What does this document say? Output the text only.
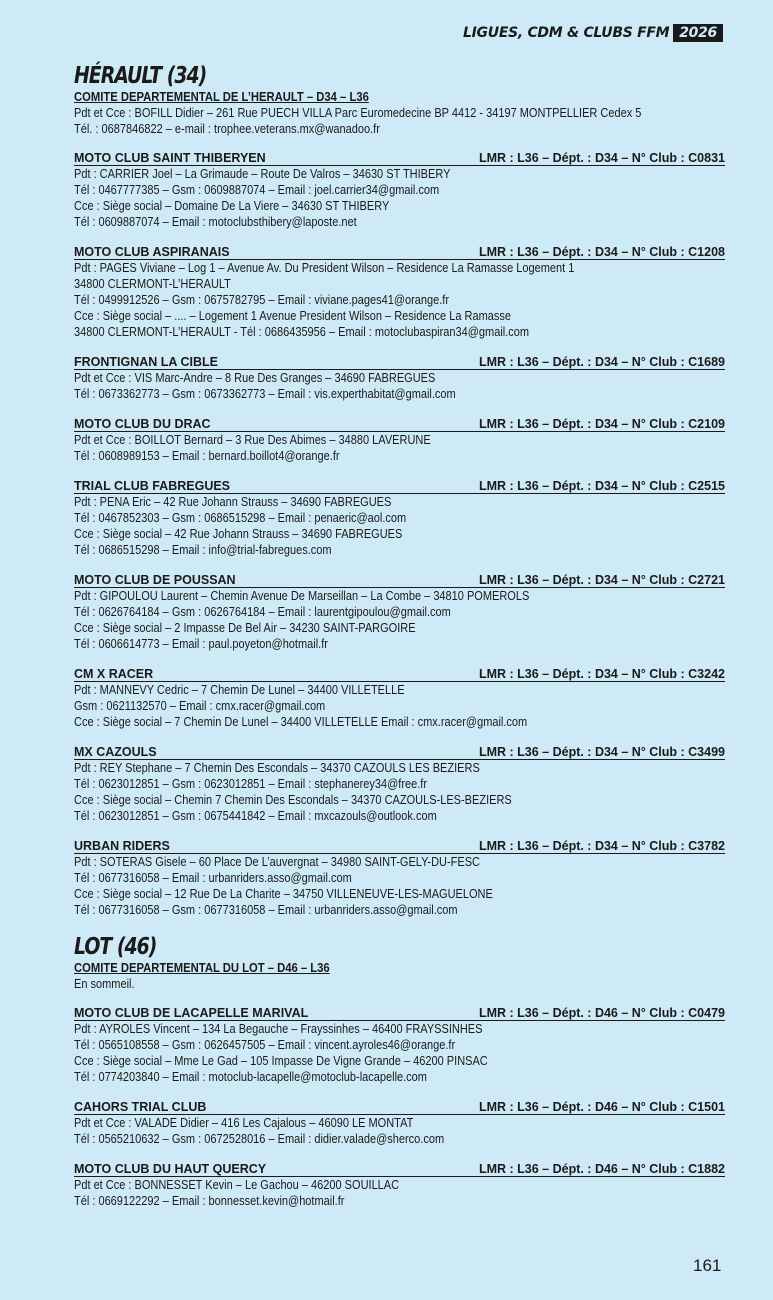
LIGUES, CDM & CLUBS FFM 2026
HÉRAULT (34)
COMITE DEPARTEMENTAL DE L’HERAULT – D34 – L36
Pdt et Cce : BOFILL Didier – 261 Rue PUECH VILLA Parc Euromedecine BP 4412 - 34197 MONTPELLIER Cedex 5
Tél. : 0687846822 – e-mail : trophee.veterans.mx@wanadoo.fr
MOTO CLUB SAINT THIBERYEN	LMR : L36 – Dépt. : D34 – N° Club : C0831
Pdt : CARRIER Joel – La Grimaude – Route De Valros – 34630 ST THIBERY
Tél : 0467777385 – Gsm : 0609887074 – Email : joel.carrier34@gmail.com
Cce : Siège social – Domaine De La Viere – 34630 ST THIBERY
Tél : 0609887074 – Email : motoclubsthibery@laposte.net
MOTO CLUB ASPIRANAIS	LMR : L36 – Dépt. : D34 – N° Club : C1208
Pdt : PAGES Viviane – Log 1 – Avenue Av. Du President Wilson – Residence La Ramasse Logement 1
34800 CLERMONT-L’HERAULT
Tél : 0499912526 – Gsm : 0675782795 – Email : viviane.pages41@orange.fr
Cce : Siège social – .... – Logement 1 Avenue President Wilson – Residence La Ramasse
34800 CLERMONT-L’HERAULT - Tél : 0686435956 – Email : motoclubaspiran34@gmail.com
FRONTIGNAN LA CIBLE	LMR : L36 – Dépt. : D34 – N° Club : C1689
Pdt et Cce : VIS Marc-Andre – 8 Rue Des Granges – 34690 FABREGUES
Tél : 0673362773 – Gsm : 0673362773 – Email : vis.experthabitat@gmail.com
MOTO CLUB DU DRAC	LMR : L36 – Dépt. : D34 – N° Club : C2109
Pdt et Cce : BOILLOT Bernard – 3 Rue Des Abimes – 34880 LAVERUNE
Tél : 0608989153 – Email : bernard.boillot4@orange.fr
TRIAL CLUB FABREGUES	LMR : L36 – Dépt. : D34 – N° Club : C2515
Pdt : PENA Eric – 42 Rue Johann Strauss – 34690 FABREGUES
Tél : 0467852303 – Gsm : 0686515298 – Email : penaeric@aol.com
Cce : Siège social – 42 Rue Johann Strauss – 34690 FABREGUES
Tél : 0686515298 – Email : info@trial-fabregues.com
MOTO CLUB DE POUSSAN	LMR : L36 – Dépt. : D34 – N° Club : C2721
Pdt : GIPOULOU Laurent – Chemin Avenue De Marseillan – La Combe – 34810 POMEROLS
Tél : 0626764184 – Gsm : 0626764184 – Email : laurentgipoulou@gmail.com
Cce : Siège social – 2 Impasse De Bel Air – 34230 SAINT-PARGOIRE
Tél : 0606614773 – Email : paul.poyeton@hotmail.fr
CM X RACER	LMR : L36 – Dépt. : D34 – N° Club : C3242
Pdt : MANNEVY Cedric – 7 Chemin De Lunel – 34400 VILLETELLE
Gsm : 0621132570 – Email : cmx.racer@gmail.com
Cce : Siège social – 7 Chemin De Lunel – 34400 VILLETELLE Email : cmx.racer@gmail.com
MX CAZOULS	LMR : L36 – Dépt. : D34 – N° Club : C3499
Pdt : REY Stephane – 7 Chemin Des Escondals – 34370 CAZOULS LES BEZIERS
Tél : 0623012851 – Gsm : 0623012851 – Email : stephanerey34@free.fr
Cce : Siège social – Chemin 7 Chemin Des Escondals – 34370 CAZOULS-LES-BEZIERS
Tél : 0623012851 – Gsm : 0675441842 – Email : mxcazouls@outlook.com
URBAN RIDERS	LMR : L36 – Dépt. : D34 – N° Club : C3782
Pdt : SOTERAS Gisele – 60 Place De L’auvergnat – 34980 SAINT-GELY-DU-FESC
Tél : 0677316058 – Email : urbanriders.asso@gmail.com
Cce : Siège social – 12 Rue De La Charite – 34750 VILLENEUVE-LES-MAGUELONE
Tél : 0677316058 – Gsm : 0677316058 – Email : urbanriders.asso@gmail.com
LOT (46)
COMITE DEPARTEMENTAL DU LOT – D46 – L36
En sommeil.
MOTO CLUB DE LACAPELLE MARIVAL	LMR : L36 – Dépt. : D46 – N° Club : C0479
Pdt : AYROLES Vincent – 134 La Begauche – Frayssinhes – 46400 FRAYSSINHES
Tél : 0565108558 – Gsm : 0626457505 – Email : vincent.ayroles46@orange.fr
Cce : Siège social – Mme Le Gad – 105 Impasse De Vigne Grande – 46200 PINSAC
Tél : 0774203840 – Email : motoclub-lacapelle@motoclub-lacapelle.com
CAHORS TRIAL CLUB	LMR : L36 – Dépt. : D46 – N° Club : C1501
Pdt et Cce : VALADE Didier – 416 Les Cajalous – 46090 LE MONTAT
Tél : 0565210632 – Gsm : 0672528016 – Email : didier.valade@sherco.com
MOTO CLUB DU HAUT QUERCY	LMR : L36 – Dépt. : D46 – N° Club : C1882
Pdt et Cce : BONNESSET Kevin – Le Gachou – 46200 SOUILLAC
Tél : 0669122292 – Email : bonnesset.kevin@hotmail.fr
161
